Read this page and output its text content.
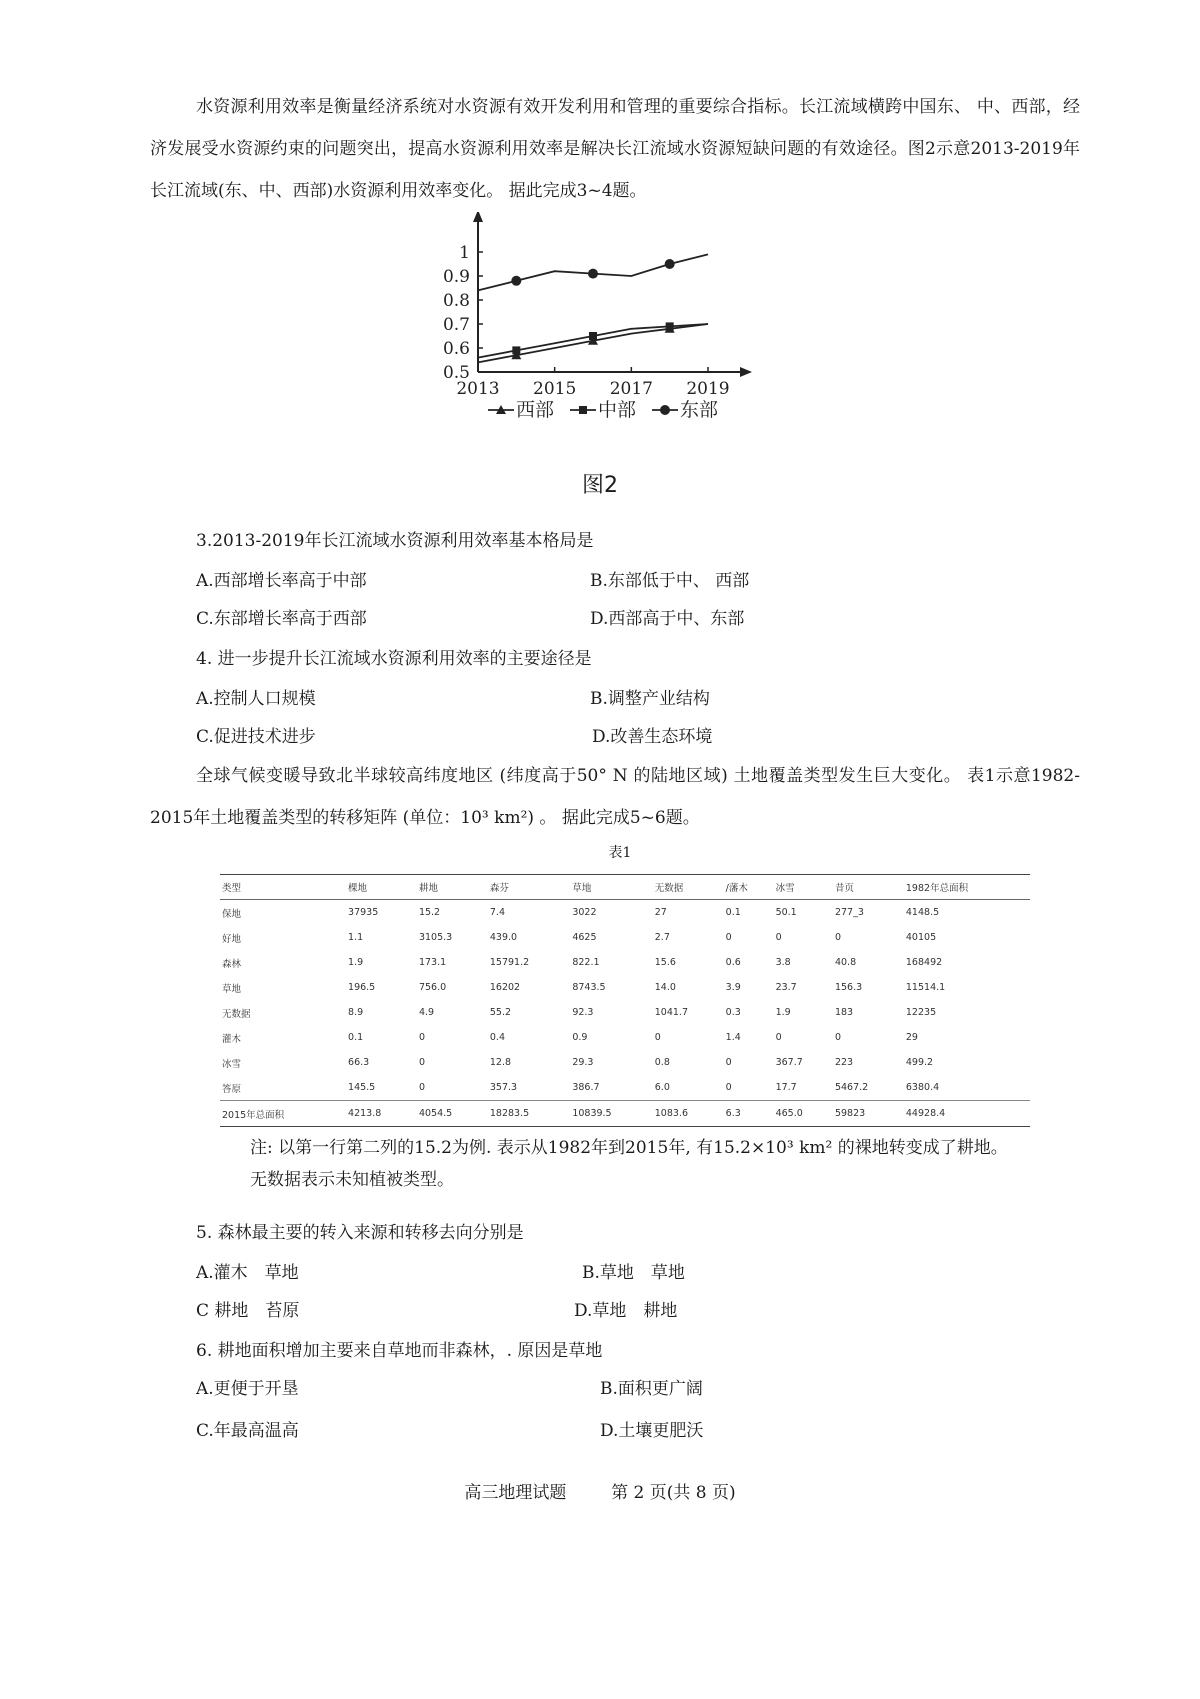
水资源利用效率是衡量经济系统对水资源有效开发利用和管理的重要综合指标。长江流域横跨中国东、 中、西部，经济发展受水资源约束的问题突出，提高水资源利用效率是解决长江流域水资源短缺问题的有效途径。图2示意2013-2019年长江流域(东、中、西部)水资源利用效率变化。 据此完成3~4题。
0.5
0.6
0.7
0.8
0.9
1
2013 2015 2017 2019
西部 中部 东部
图2
3.2013-2019年长江流域水资源利用效率基本格局是
A.西部增长率高于中部	B.东部低于中、 西部
C.东部增长率高于西部	D.西部高于中、东部
4. 进一步提升长江流域水资源利用效率的主要途径是
A.控制人口规模	B.调整产业结构
C.促进技术进步	D.改善生态环境
全球气候变暖导致北半球较高纬度地区 (纬度高于50° N 的陆地区域) 土地覆盖类型发生巨大变化。 表1示意1982-2015年土地覆盖类型的转移矩阵 (单位：10³ km²) 。 据此完成5~6题。
表1
类型	棵地	耕地	森芬	草地	无数据	/藩木	冰雪	昔页	1982年总面积
保地	37935	15.2	7.4	3022	27	0.1	50.1	277_3	4148.5
好地	1.1	3105.3	439.0	4625	2.7	0	0	0	40105
森林	1.9	173.1	15791.2	822.1	15.6	0.6	3.8	40.8	168492
草地	196.5	756.0	16202	8743.5	14.0	3.9	23.7	156.3	11514.1
无数据	8.9	4.9	55.2	92.3	1041.7	0.3	1.9	183	12235
灌木	0.1	0	0.4	0.9	0	1.4	0	0	29
冰雪	66.3	0	12.8	29.3	0.8	0	367.7	223	499.2
答原	145.5	0	357.3	386.7	6.0	0	17.7	5467.2	6380.4
2015年总面积	4213.8	4054.5	18283.5	10839.5	1083.6	6.3	465.0	59823	44928.4
注: 以第一行第二列的15.2为例. 表示从1982年到2015年, 有15.2×10³ km² 的裸地转变成了耕地。无数据表示未知植被类型。
5. 森林最主要的转入来源和转移去向分别是
A.灌木　草地	B.草地　草地
C 耕地　苔原	D.草地　耕地
6. 耕地面积增加主要来自草地而非森林，. 原因是草地
A.更便于开垦	B.面积更广阔
C.年最高温高	D.土壤更肥沃
高三地理试题	第 2 页(共 8 页)
